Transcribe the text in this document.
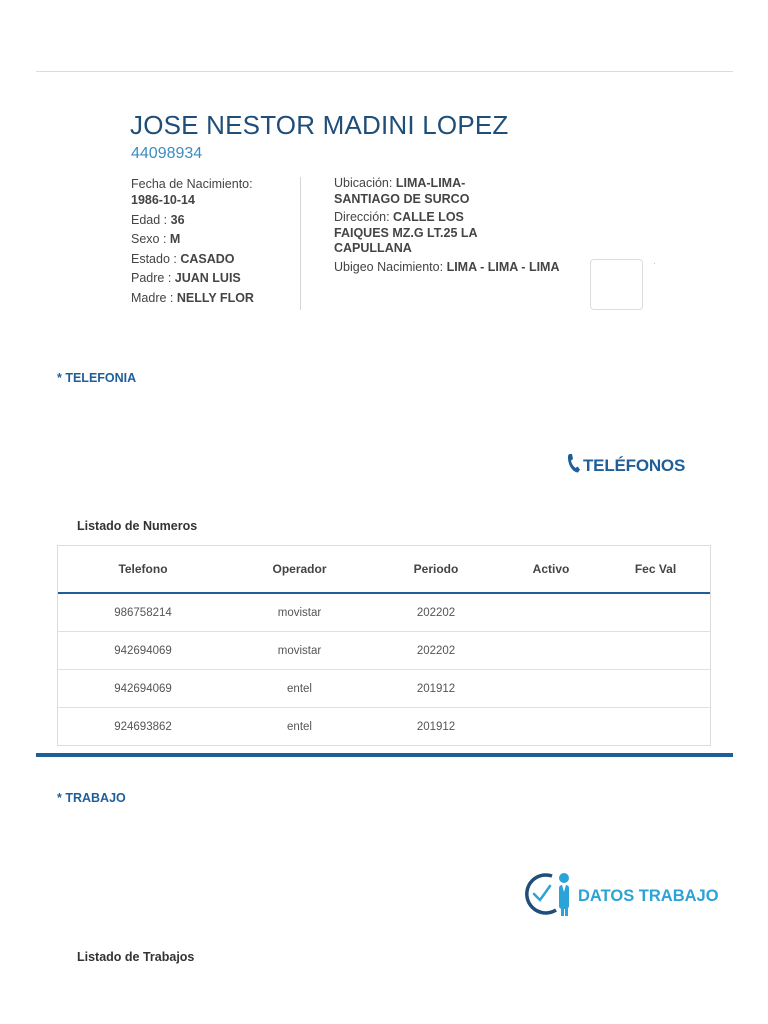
JOSE NESTOR MADINI LOPEZ
44098934
Fecha de Nacimiento:
1986-10-14
Edad : 36
Sexo : M
Estado : CASADO
Padre : JUAN LUIS
Madre : NELLY FLOR
Ubicación: LIMA-LIMA-SANTIAGO DE SURCO
Dirección: CALLE LOS FAIQUES MZ.G LT.25 LA CAPULLANA
Ubigeo Nacimiento: LIMA - LIMA - LIMA	·
* TELEFONIA
TELÉFONOS
Listado de Numeros
Telefono	Operador	Periodo	Activo	Fec Val
986758214	movistar	202202
942694069	movistar	202202
942694069	entel	201912
924693862	entel	201912
* TRABAJO
DATOS TRABAJO
Listado de Trabajos
